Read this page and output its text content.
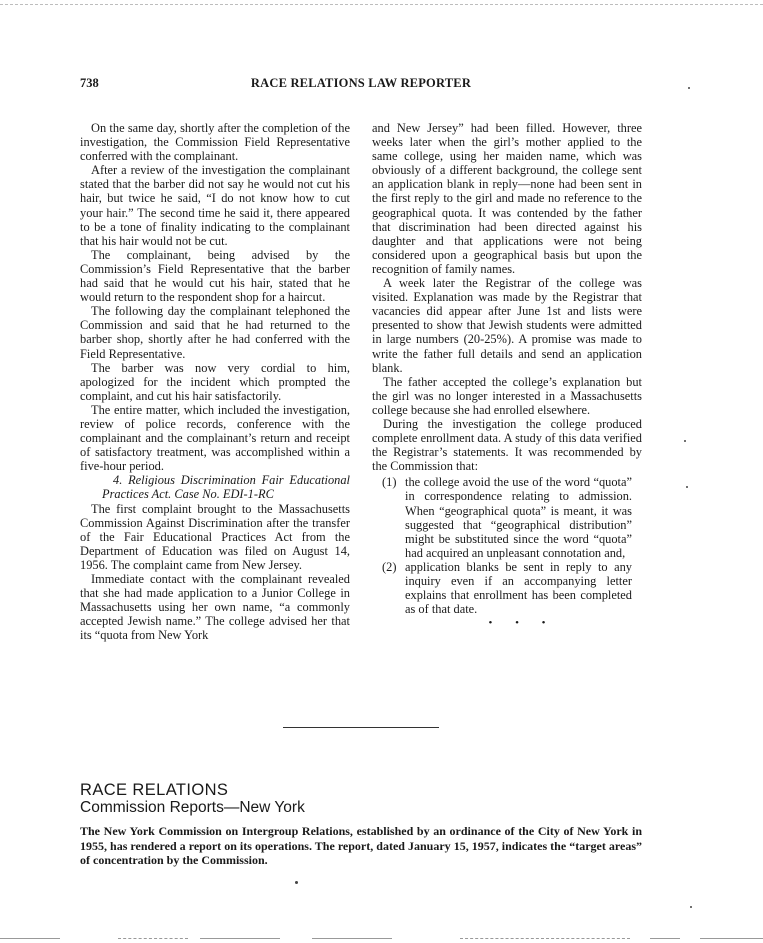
738	RACE RELATIONS LAW REPORTER

On the same day, shortly after the completion of the investigation, the Commission Field Representative conferred with the complainant.

After a review of the investigation the complainant stated that the barber did not say he would not cut his hair, but twice he said, “I do not know how to cut your hair.” The second time he said it, there appeared to be a tone of finality indicating to the complainant that his hair would not be cut.

The complainant, being advised by the Commission’s Field Representative that the barber had said that he would cut his hair, stated that he would return to the respondent shop for a haircut.

The following day the complainant telephoned the Commission and said that he had returned to the barber shop, shortly after he had conferred with the Field Representative.

The barber was now very cordial to him, apologized for the incident which prompted the complaint, and cut his hair satisfactorily.

The entire matter, which included the investigation, review of police records, conference with the complainant and the complainant’s return and receipt of satisfactory treatment, was accomplished within a five-hour period.

4. Religious Discrimination Fair Educational Practices Act. Case No. EDI-1-RC

The first complaint brought to the Massachusetts Commission Against Discrimination after the transfer of the Fair Educational Practices Act from the Department of Education was filed on August 14, 1956. The complaint came from New Jersey.

Immediate contact with the complainant revealed that she had made application to a Junior College in Massachusetts using her own name, “a commonly accepted Jewish name.” The college advised her that its “quota from New York

and New Jersey” had been filled. However, three weeks later when the girl’s mother applied to the same college, using her maiden name, which was obviously of a different background, the college sent an application blank in reply—none had been sent in the first reply to the girl and made no reference to the geographical quota. It was contended by the father that discrimination had been directed against his daughter and that applications were not being considered upon a geographical basis but upon the recognition of family names.

A week later the Registrar of the college was visited. Explanation was made by the Registrar that vacancies did appear after June 1st and lists were presented to show that Jewish students were admitted in large numbers (20-25%). A promise was made to write the father full details and send an application blank.

The father accepted the college’s explanation but the girl was no longer interested in a Massachusetts college because she had enrolled elsewhere.

During the investigation the college produced complete enrollment data. A study of this data verified the Registrar’s statements. It was recommended by the Commission that:

(1) the college avoid the use of the word “quota” in correspondence relating to admission. When “geographical quota” is meant, it was suggested that “geographical distribution” might be substituted since the word “quota” had acquired an unpleasant connotation and,
(2) application blanks be sent in reply to any inquiry even if an accompanying letter explains that enrollment has been completed as of that date.
• • •
RACE RELATIONS
Commission Reports—New York
The New York Commission on Intergroup Relations, established by an ordinance of the City of New York in 1955, has rendered a report on its operations. The report, dated January 15, 1957, indicates the “target areas” of concentration by the Commission.
